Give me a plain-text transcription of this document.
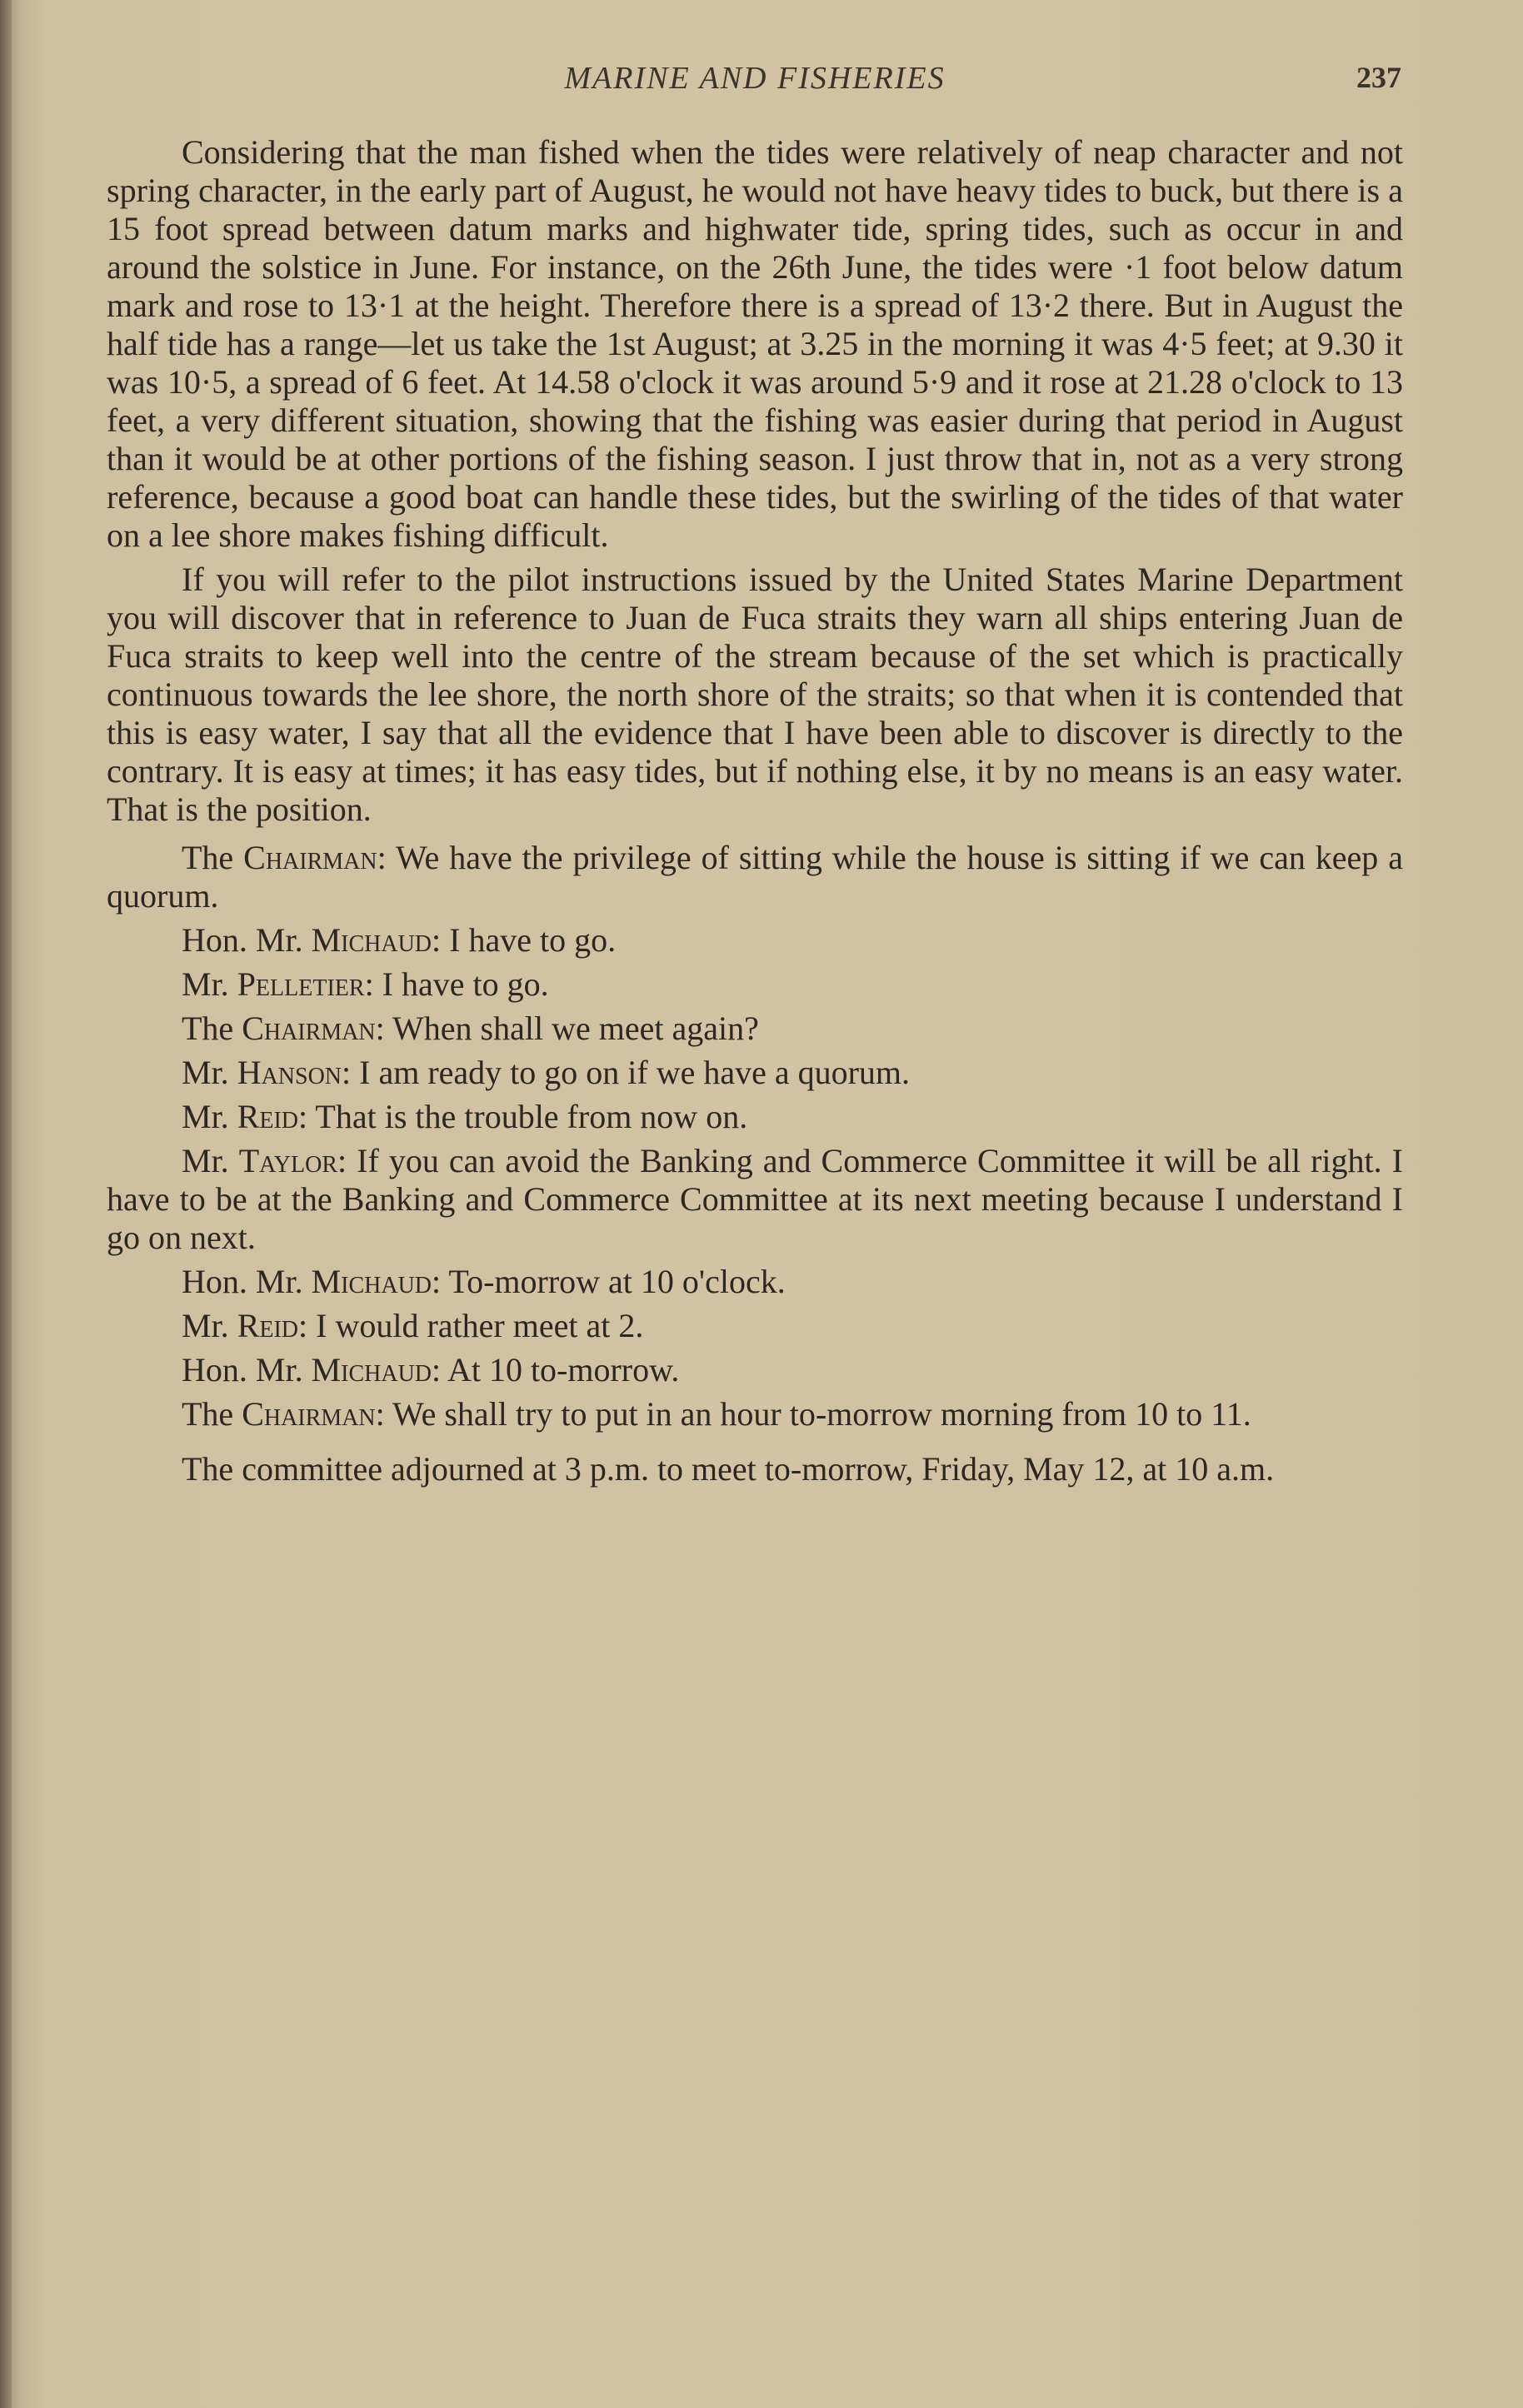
MARINE AND FISHERIES	237

Considering that the man fished when the tides were relatively of neap character and not spring character, in the early part of August, he would not have heavy tides to buck, but there is a 15 foot spread between datum marks and highwater tide, spring tides, such as occur in and around the solstice in June. For instance, on the 26th June, the tides were ·1 foot below datum mark and rose to 13·1 at the height. Therefore there is a spread of 13·2 there. But in August the half tide has a range—let us take the 1st August; at 3.25 in the morning it was 4·5 feet; at 9.30 it was 10·5, a spread of 6 feet. At 14.58 o'clock it was around 5·9 and it rose at 21.28 o'clock to 13 feet, a very different situation, showing that the fishing was easier during that period in August than it would be at other portions of the fishing season. I just throw that in, not as a very strong reference, because a good boat can handle these tides, but the swirling of the tides of that water on a lee shore makes fishing difficult.

If you will refer to the pilot instructions issued by the United States Marine Department you will discover that in reference to Juan de Fuca straits they warn all ships entering Juan de Fuca straits to keep well into the centre of the stream because of the set which is practically continuous towards the lee shore, the north shore of the straits; so that when it is contended that this is easy water, I say that all the evidence that I have been able to discover is directly to the contrary. It is easy at times; it has easy tides, but if nothing else, it by no means is an easy water. That is the position.

The Chairman: We have the privilege of sitting while the house is sitting if we can keep a quorum.

Hon. Mr. Michaud: I have to go.

Mr. Pelletier: I have to go.

The Chairman: When shall we meet again?

Mr. Hanson: I am ready to go on if we have a quorum.

Mr. Reid: That is the trouble from now on.

Mr. Taylor: If you can avoid the Banking and Commerce Committee it will be all right. I have to be at the Banking and Commerce Committee at its next meeting because I understand I go on next.

Hon. Mr. Michaud: To-morrow at 10 o'clock.

Mr. Reid: I would rather meet at 2.

Hon. Mr. Michaud: At 10 to-morrow.

The Chairman: We shall try to put in an hour to-morrow morning from 10 to 11.

The committee adjourned at 3 p.m. to meet to-morrow, Friday, May 12, at 10 a.m.
